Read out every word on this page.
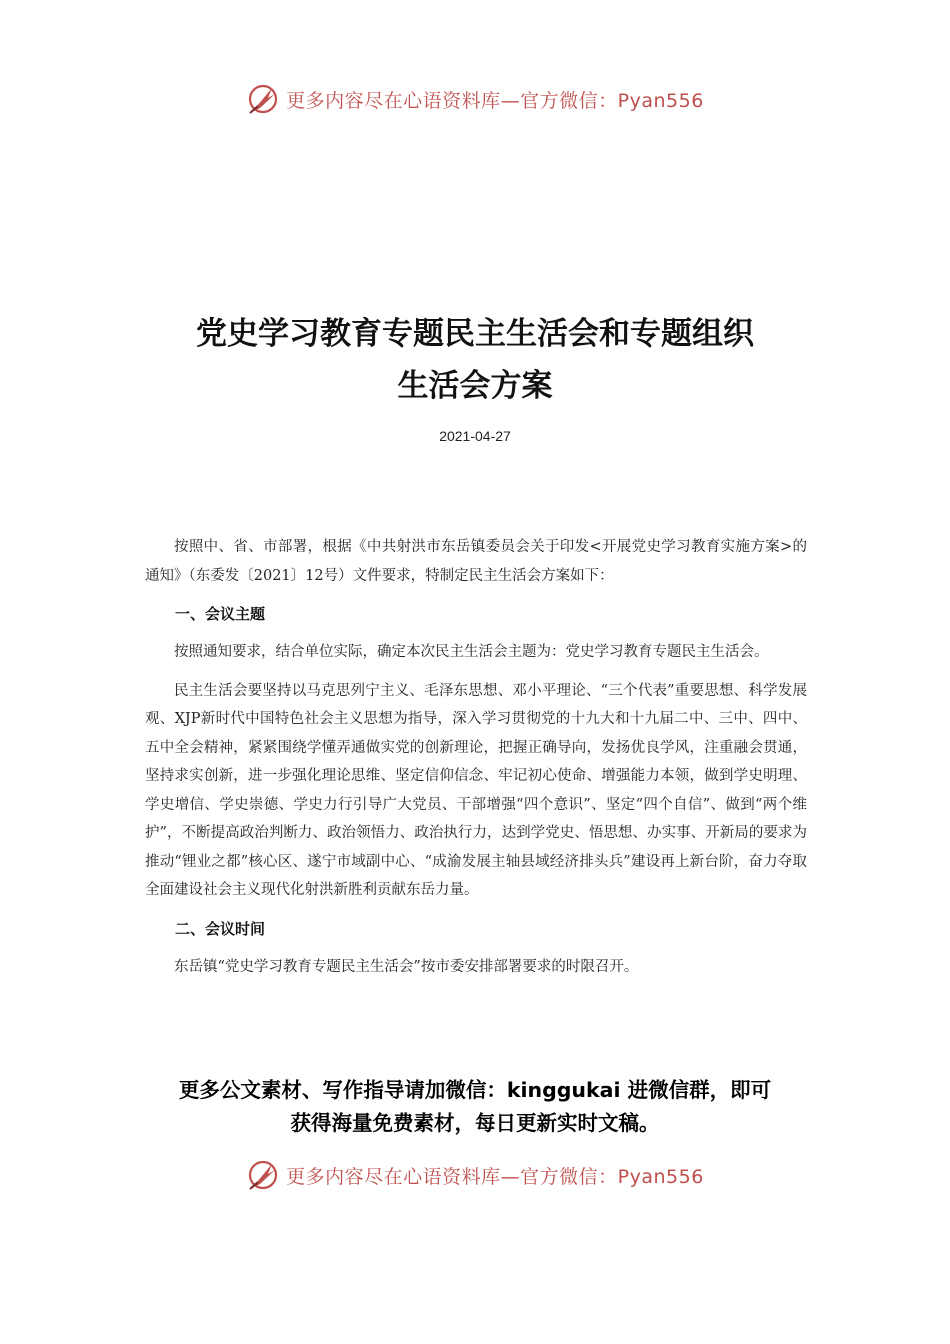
更多内容尽在心语资料库—官方微信：Pyan556
党史学习教育专题民主生活会和专题组织
生活会方案
2021-04-27

按照中、省、市部署，根据《中共射洪市东岳镇委员会关于印发<开展党史学习教育实施方案>的通知》（东委发〔2021〕12号）文件要求，特制定民主生活会方案如下：

一、会议主题

按照通知要求，结合单位实际，确定本次民主生活会主题为：党史学习教育专题民主生活会。

民主生活会要坚持以马克思列宁主义、毛泽东思想、邓小平理论、“三个代表”重要思想、科学发展观、XJP新时代中国特色社会主义思想为指导，深入学习贯彻党的十九大和十九届二中、三中、四中、五中全会精神，紧紧围绕学懂弄通做实党的创新理论，把握正确导向，发扬优良学风，注重融会贯通，坚持求实创新，进一步强化理论思维、坚定信仰信念、牢记初心使命、增强能力本领，做到学史明理、学史增信、学史崇德、学史力行引导广大党员、干部增强“四个意识”、坚定“四个自信”、做到“两个维护”，不断提高政治判断力、政治领悟力、政治执行力，达到学党史、悟思想、办实事、开新局的要求为推动“锂业之都”核心区、遂宁市域副中心、“成渝发展主轴县域经济排头兵”建设再上新台阶，奋力夺取全面建设社会主义现代化射洪新胜利贡献东岳力量。

二、会议时间

东岳镇“党史学习教育专题民主生活会”按市委安排部署要求的时限召开。

更多公文素材、写作指导请加微信：kinggukai 进微信群，即可
获得海量免费素材，每日更新实时文稿。
更多内容尽在心语资料库—官方微信：Pyan556
